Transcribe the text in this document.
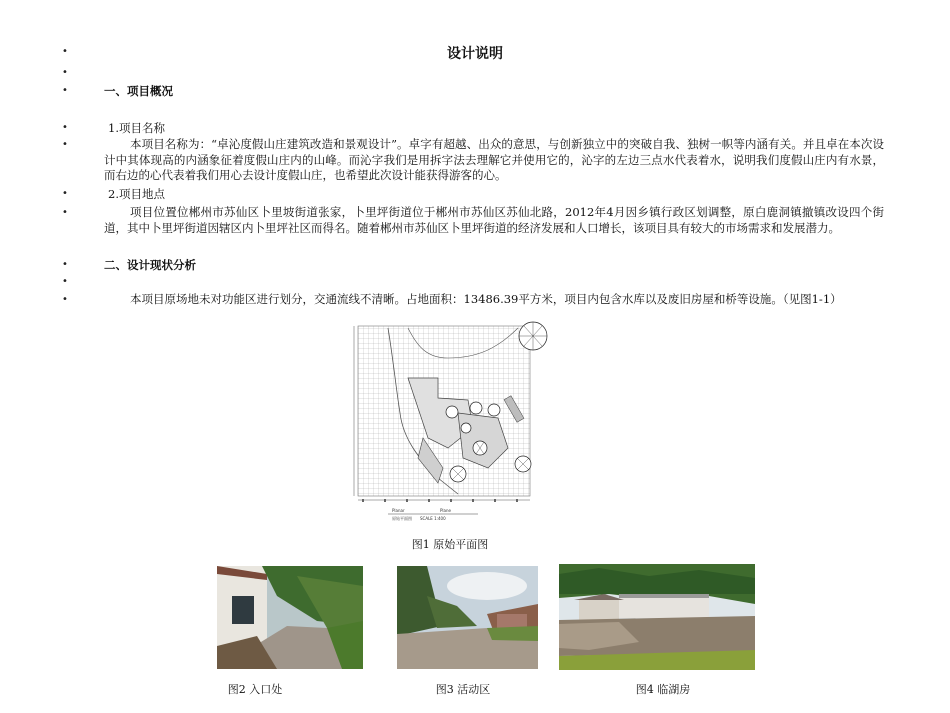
•
•
•
•
•
•
•
•
•
•
设计说明
一、项目概况
1.项目名称
本项目名称为：“卓沁度假山庄建筑改造和景观设计”。卓字有超越、出众的意思，与创新独立中的突破自我、独树一帜等内涵有关。并且卓在本次设计中其体现高的内涵象征着度假山庄内的山峰。而沁字我们是用拆字法去理解它并使用它的，沁字的左边三点水代表着水，说明我们度假山庄内有水景，而右边的心代表着我们用心去设计度假山庄，也希望此次设计能获得游客的心。
2.项目地点
项目位置位郴州市苏仙区卜里坡街道张家，卜里坪街道位于郴州市苏仙区苏仙北路，2012年4月因乡镇行政区划调整，原白鹿洞镇撤镇改设四个街道，其中卜里坪街道因辖区内卜里坪社区而得名。随着郴州市苏仙区卜里坪街道的经济发展和人口增长，该项目具有较大的市场需求和发展潜力。
二、设计现状分析
本项目原场地未对功能区进行划分，交通流线不清晰。占地面积：13486.39平方米，项目内包含水库以及废旧房屋和桥等设施。（见图1-1）
Planar	Plane
原始平面图 SCALE 1:400
图1 原始平面图
图2 入口处	图3 活动区	图4 临湖房
